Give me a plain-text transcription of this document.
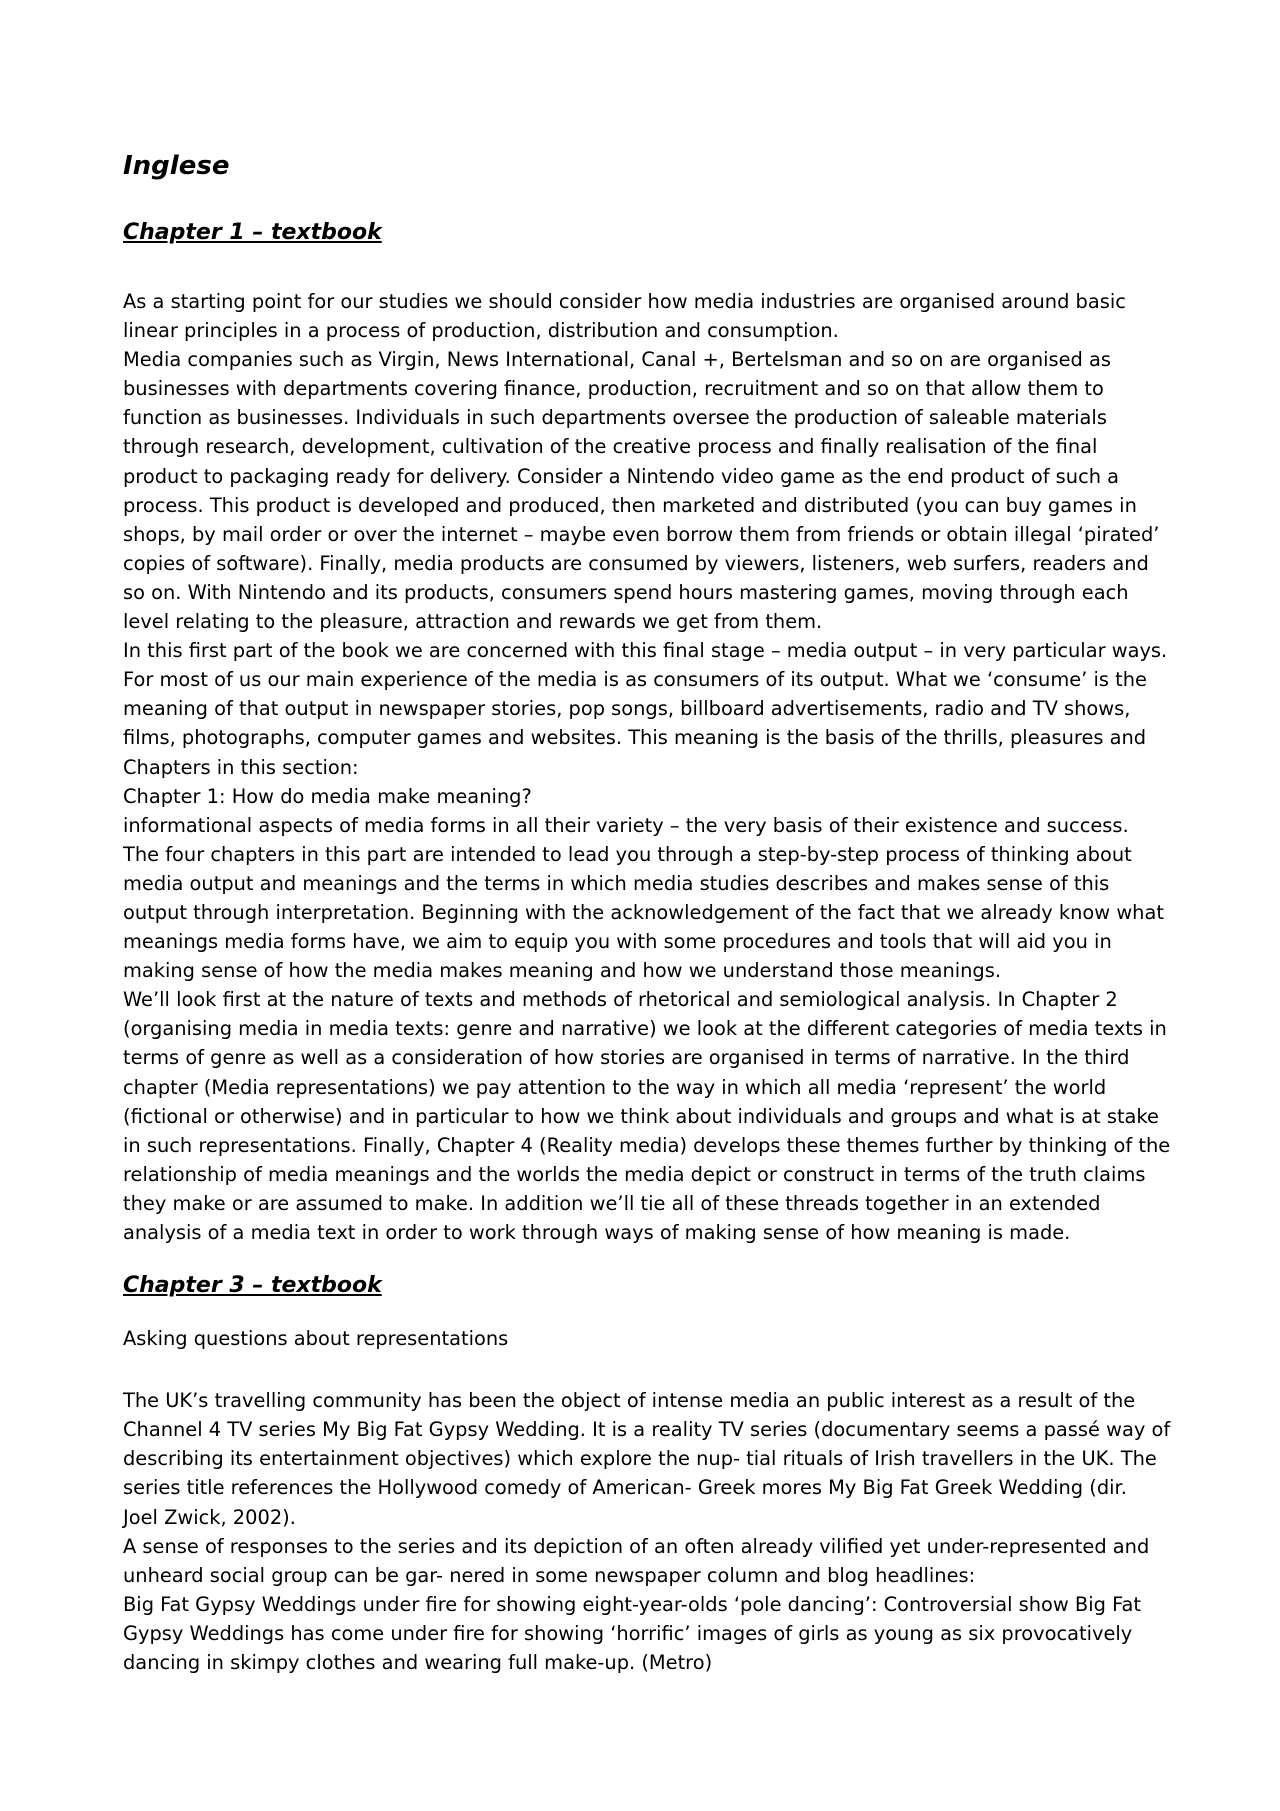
Inglese
Chapter 1 – textbook
As a starting point for our studies we should consider how media industries are organised around basic
linear principles in a process of production, distribution and consumption.
Media companies such as Virgin, News International, Canal +, Bertelsman and so on are organised as
businesses with departments covering finance, production, recruitment and so on that allow them to
function as businesses. Individuals in such departments oversee the production of saleable materials
through research, development, cultivation of the creative process and finally realisation of the final
product to packaging ready for delivery. Consider a Nintendo video game as the end product of such a
process. This product is developed and produced, then marketed and distributed (you can buy games in
shops, by mail order or over the internet – maybe even borrow them from friends or obtain illegal ‘pirated’
copies of software). Finally, media products are consumed by viewers, listeners, web surfers, readers and
so on. With Nintendo and its products, consumers spend hours mastering games, moving through each
level relating to the pleasure, attraction and rewards we get from them.
In this first part of the book we are concerned with this final stage – media output – in very particular ways.
For most of us our main experience of the media is as consumers of its output. What we ‘consume’ is the
meaning of that output in newspaper stories, pop songs, billboard advertisements, radio and TV shows,
films, photographs, computer games and websites. This meaning is the basis of the thrills, pleasures and
Chapters in this section:
Chapter 1: How do media make meaning?
informational aspects of media forms in all their variety – the very basis of their existence and success.
The four chapters in this part are intended to lead you through a step-by-step process of thinking about
media output and meanings and the terms in which media studies describes and makes sense of this
output through interpretation. Beginning with the acknowledgement of the fact that we already know what
meanings media forms have, we aim to equip you with some procedures and tools that will aid you in
making sense of how the media makes meaning and how we understand those meanings.
We’ll look first at the nature of texts and methods of rhetorical and semiological analysis. In Chapter 2
(organising media in media texts: genre and narrative) we look at the different categories of media texts in
terms of genre as well as a consideration of how stories are organised in terms of narrative. In the third
chapter (Media representations) we pay attention to the way in which all media ‘represent’ the world
(fictional or otherwise) and in particular to how we think about individuals and groups and what is at stake
in such representations. Finally, Chapter 4 (Reality media) develops these themes further by thinking of the
relationship of media meanings and the worlds the media depict or construct in terms of the truth claims
they make or are assumed to make. In addition we’ll tie all of these threads together in an extended
analysis of a media text in order to work through ways of making sense of how meaning is made.
Chapter 3 – textbook
Asking questions about representations
The UK’s travelling community has been the object of intense media an public interest as a result of the
Channel 4 TV series My Big Fat Gypsy Wedding. It is a reality TV series (documentary seems a passé way of
describing its entertainment objectives) which explore the nup- tial rituals of Irish travellers in the UK. The
series title references the Hollywood comedy of American- Greek mores My Big Fat Greek Wedding (dir.
Joel Zwick, 2002).
A sense of responses to the series and its depiction of an often already vilified yet under-represented and
unheard social group can be gar- nered in some newspaper column and blog headlines:
Big Fat Gypsy Weddings under fire for showing eight-year-olds ‘pole dancing’: Controversial show Big Fat
Gypsy Weddings has come under fire for showing ‘horrific’ images of girls as young as six provocatively
dancing in skimpy clothes and wearing full make-up. (Metro)
